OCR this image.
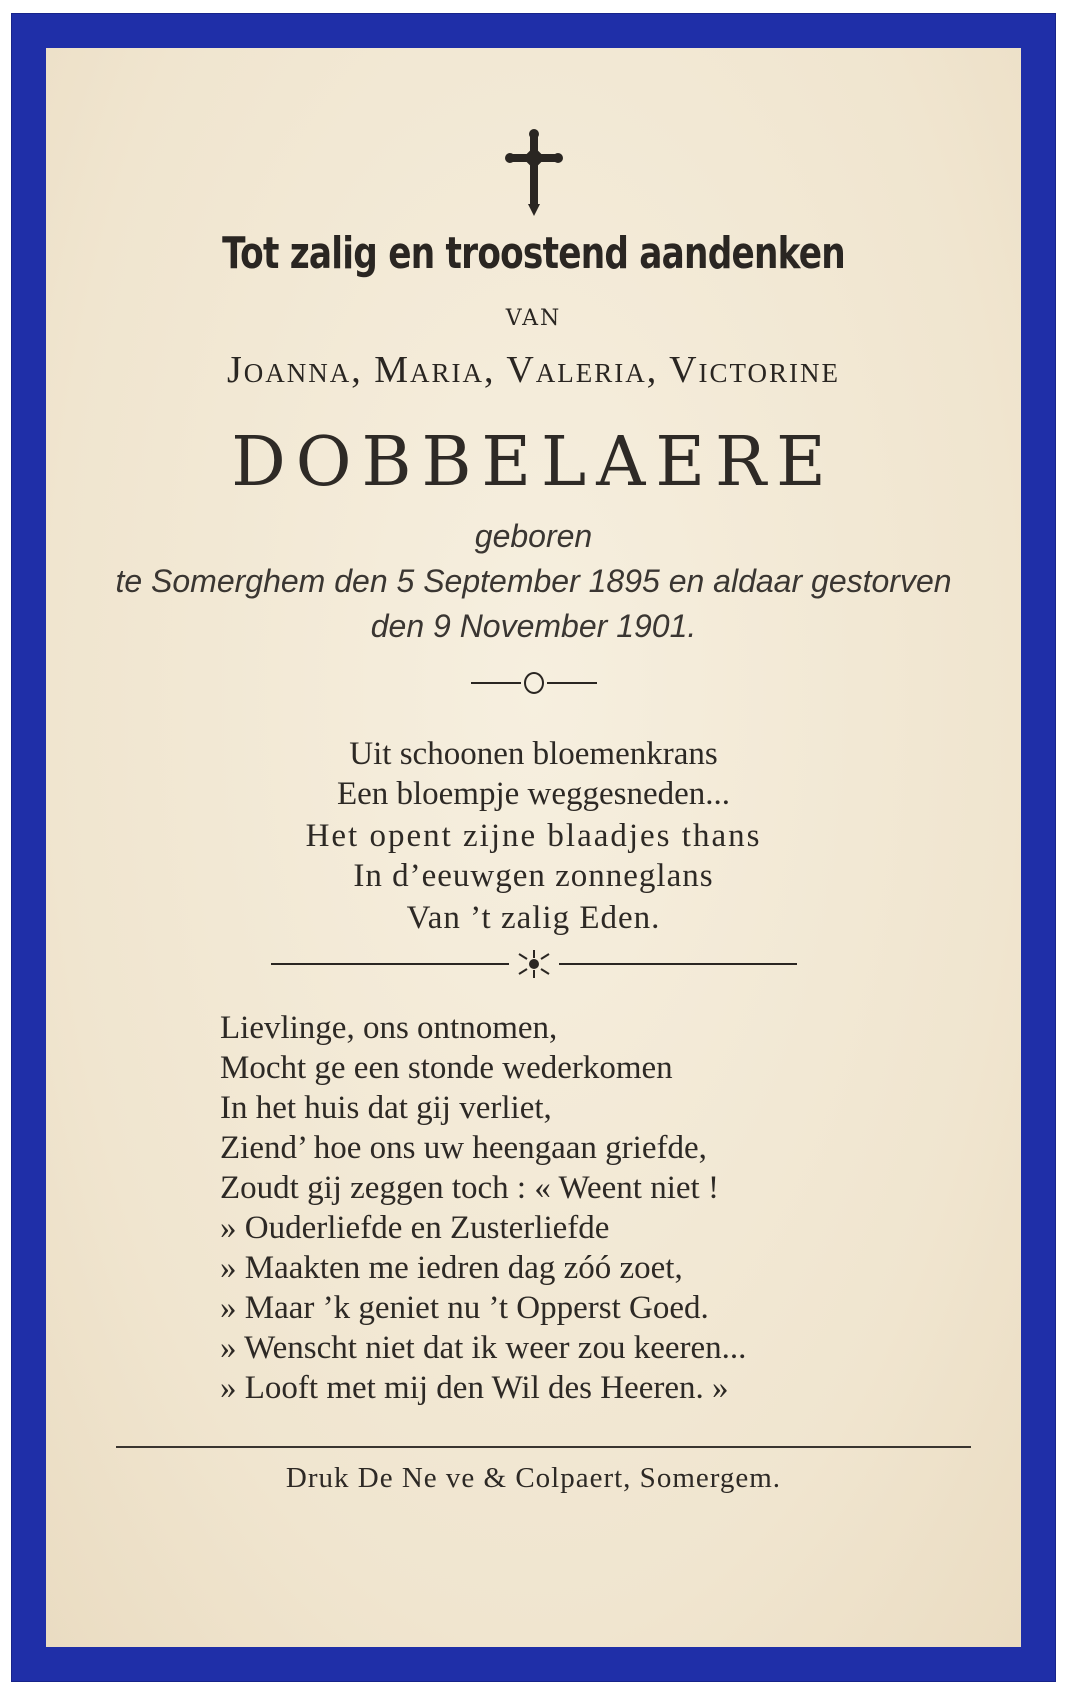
Tot zalig en troostend aandenken
VAN
Joanna, Maria, Valeria, Victorine
DOBBELAERE
geboren
te Somerghem den 5 September 1895 en aldaar gestorven
den 9 November 1901.
Uit schoonen bloemenkrans
Een bloempje weggesneden...
Het opent zijne blaadjes thans
In d’eeuwgen zonneglans
Van ’t zalig Eden.
Lievlinge, ons ontnomen,
Mocht ge een stonde wederkomen
In het huis dat gij verliet,
Ziend’ hoe ons uw heengaan griefde,
Zoudt gij zeggen toch : « Weent niet !
» Ouderliefde en Zusterliefde
» Maakten me iedren dag zóó zoet,
» Maar ’k geniet nu ’t Opperst Goed.
» Wenscht niet dat ik weer zou keeren...
» Looft met mij den Wil des Heeren. »
Druk De Ne ve & Colpaert, Somergem.
